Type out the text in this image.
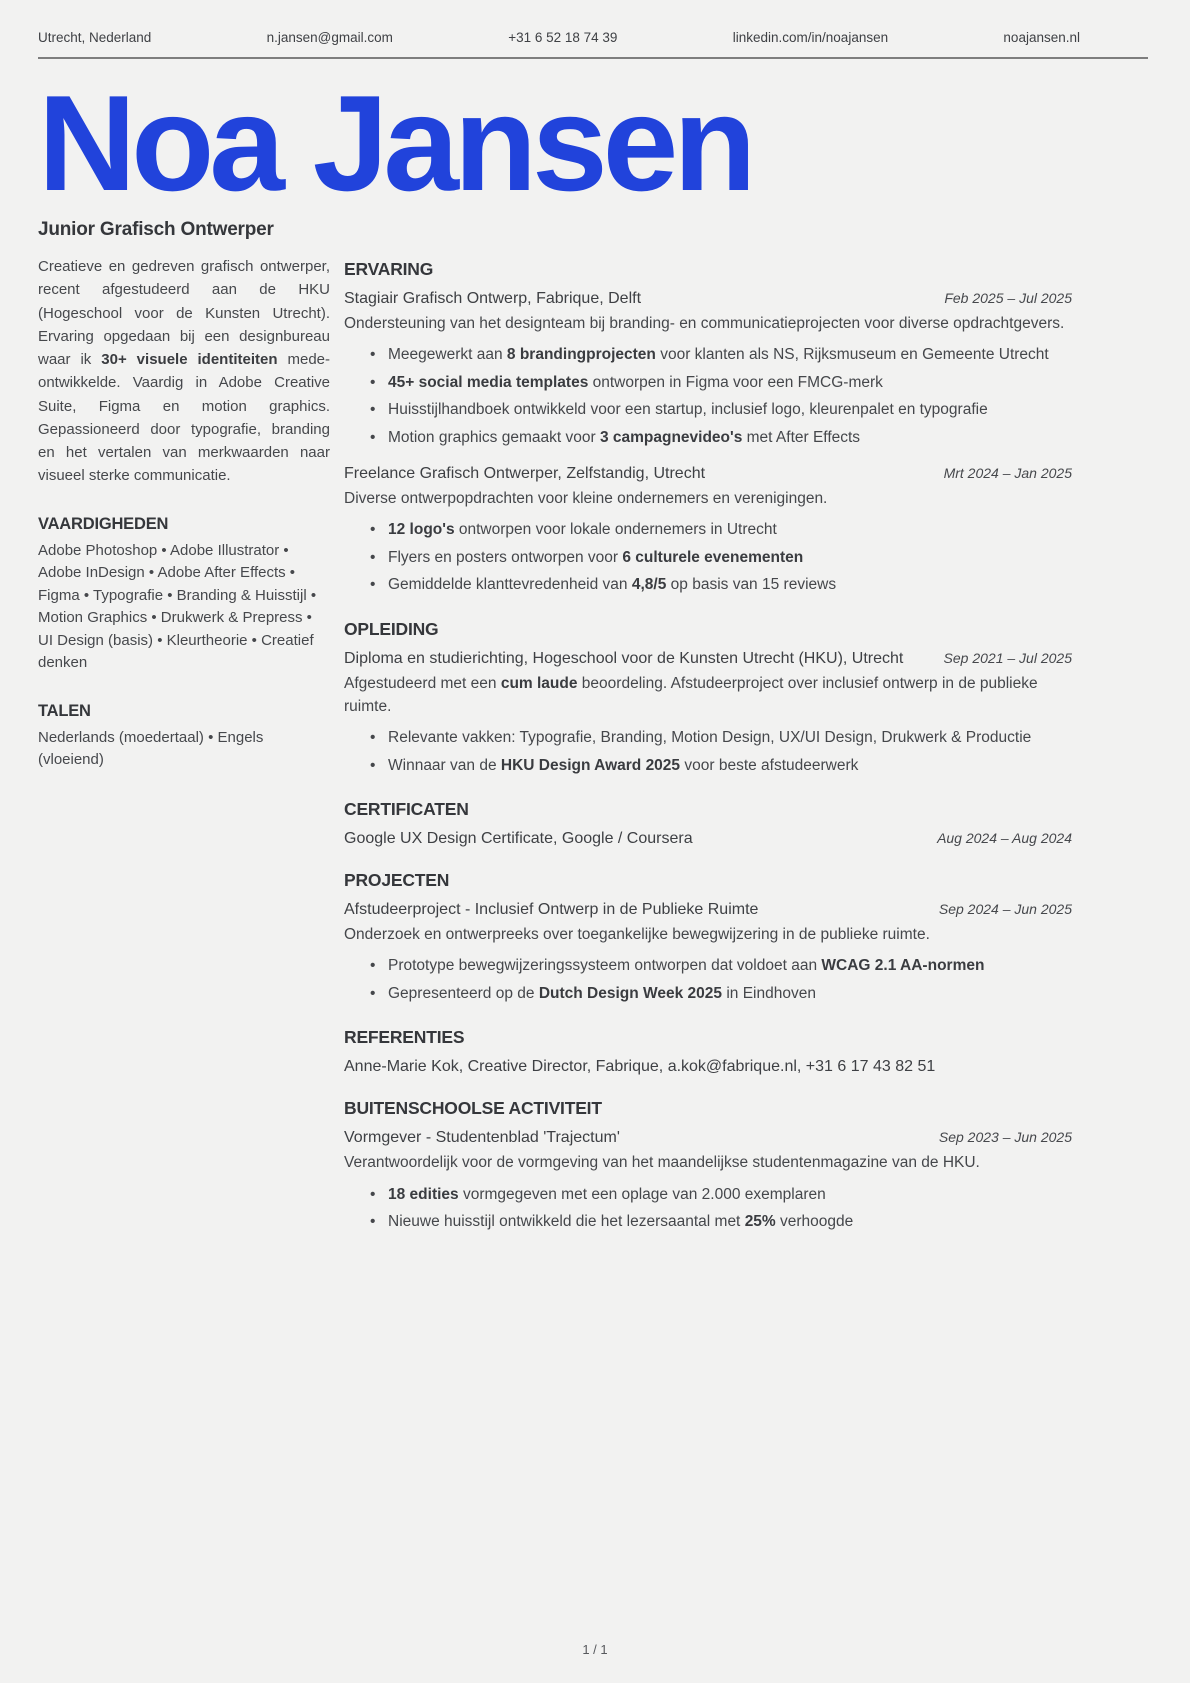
Utrecht, Nederland	n.jansen@gmail.com	+31 6 52 18 74 39	linkedin.com/in/noajansen	noajansen.nl
Noa Jansen
Junior Grafisch Ontwerper

Creatieve en gedreven grafisch ontwerper, recent afgestudeerd aan de HKU (Hogeschool voor de Kunsten Utrecht). Ervaring opgedaan bij een designbureau waar ik 30+ visuele identiteiten mede-ontwikkelde. Vaardig in Adobe Creative Suite, Figma en motion graphics. Gepassioneerd door typografie, branding en het vertalen van merkwaarden naar visueel sterke communicatie.

VAARDIGHEDEN

Adobe Photoshop • Adobe Illustrator • Adobe InDesign • Adobe After Effects • Figma • Typografie • Branding & Huisstijl • Motion Graphics • Drukwerk & Prepress • UI Design (basis) • Kleurtheorie • Creatief denken

TALEN

Nederlands (moedertaal) • Engels (vloeiend)

ERVARING
Stagiair Grafisch Ontwerp, Fabrique, Delft	Feb 2025 – Jul 2025

Ondersteuning van het designteam bij branding- en communicatieprojecten voor diverse opdrachtgevers.

• Meegewerkt aan 8 brandingprojecten voor klanten als NS, Rijksmuseum en Gemeente Utrecht
• 45+ social media templates ontworpen in Figma voor een FMCG-merk
• Huisstijlhandboek ontwikkeld voor een startup, inclusief logo, kleurenpalet en typografie
• Motion graphics gemaakt voor 3 campagnevideo's met After Effects
Freelance Grafisch Ontwerper, Zelfstandig, Utrecht	Mrt 2024 – Jan 2025

Diverse ontwerpopdrachten voor kleine ondernemers en verenigingen.

• 12 logo's ontworpen voor lokale ondernemers in Utrecht
• Flyers en posters ontworpen voor 6 culturele evenementen
• Gemiddelde klanttevredenheid van 4,8/5 op basis van 15 reviews
OPLEIDING
Diploma en studierichting, Hogeschool voor de Kunsten Utrecht (HKU), Utrecht	Sep 2021 – Jul 2025

Afgestudeerd met een cum laude beoordeling. Afstudeerproject over inclusief ontwerp in de publieke ruimte.

• Relevante vakken: Typografie, Branding, Motion Design, UX/UI Design, Drukwerk & Productie
• Winnaar van de HKU Design Award 2025 voor beste afstudeerwerk
CERTIFICATEN
Google UX Design Certificate, Google / Coursera	Aug 2024 – Aug 2024
PROJECTEN
Afstudeerproject - Inclusief Ontwerp in de Publieke Ruimte	Sep 2024 – Jun 2025

Onderzoek en ontwerpreeks over toegankelijke bewegwijzering in de publieke ruimte.

• Prototype bewegwijzeringssysteem ontworpen dat voldoet aan WCAG 2.1 AA-normen
• Gepresenteerd op de Dutch Design Week 2025 in Eindhoven
REFERENTIES
Anne-Marie Kok, Creative Director, Fabrique, a.kok@fabrique.nl, +31 6 17 43 82 51
BUITENSCHOOLSE ACTIVITEIT
Vormgever - Studentenblad 'Trajectum'	Sep 2023 – Jun 2025

Verantwoordelijk voor de vormgeving van het maandelijkse studentenmagazine van de HKU.

• 18 edities vormgegeven met een oplage van 2.000 exemplaren
• Nieuwe huisstijl ontwikkeld die het lezersaantal met 25% verhoogde
1 / 1
